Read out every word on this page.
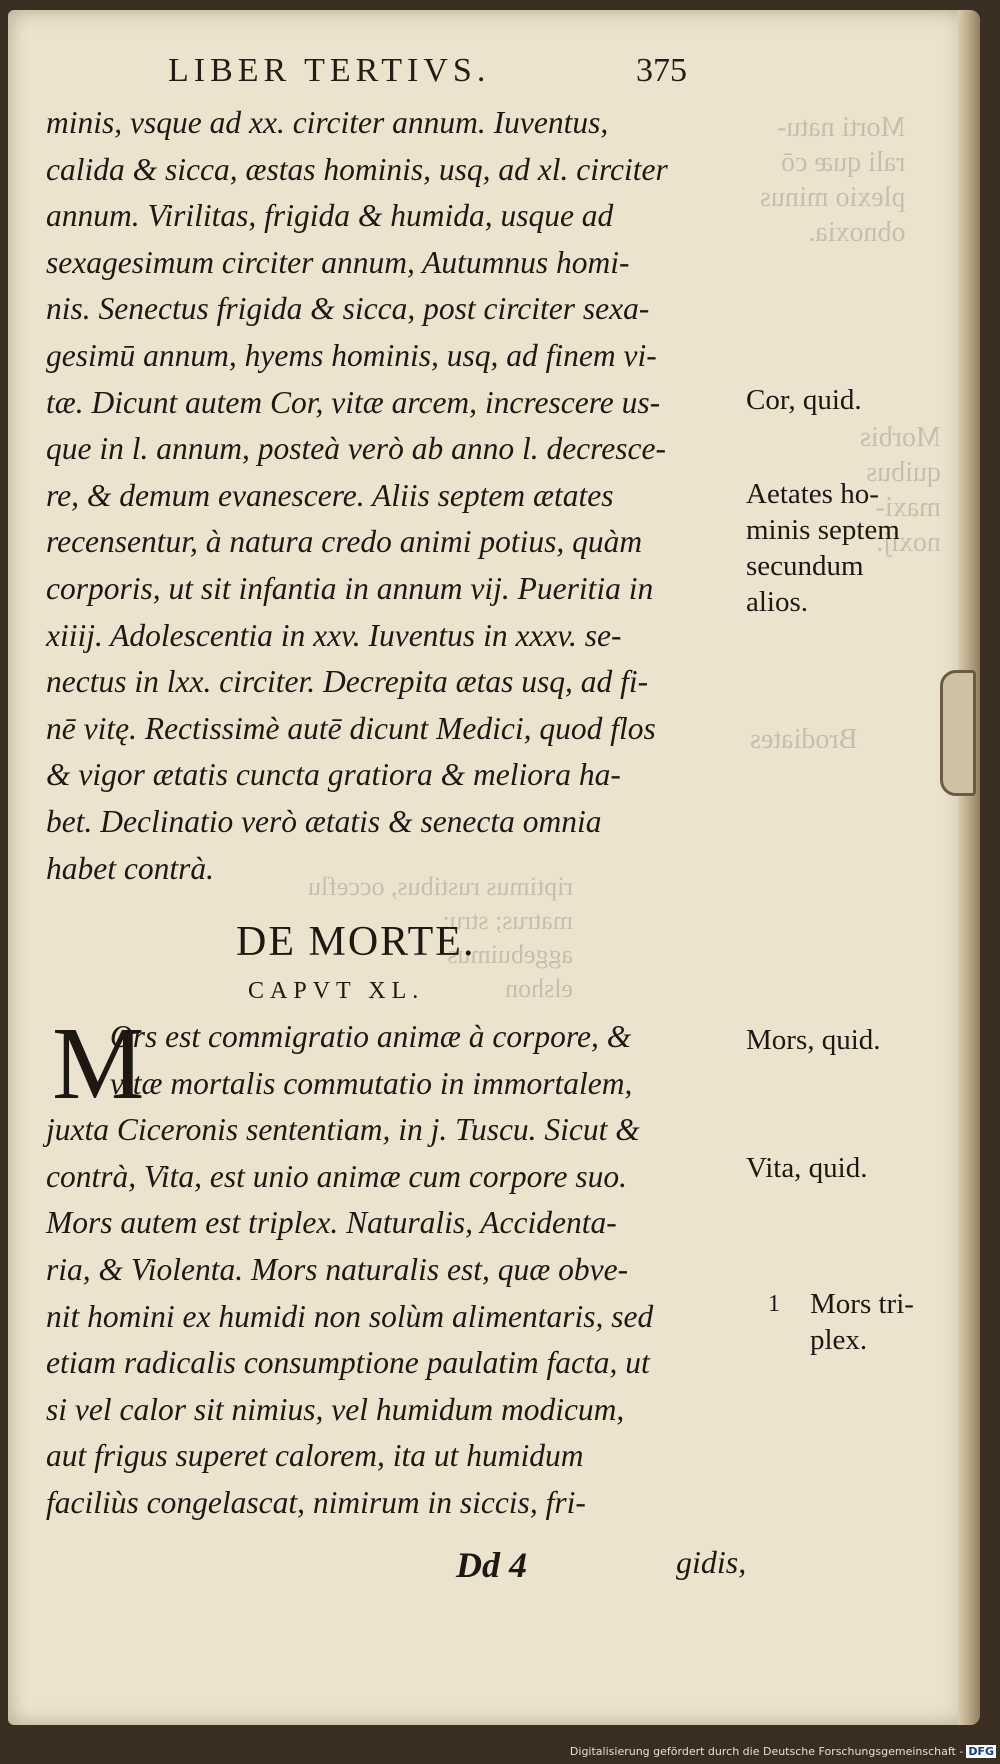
Morti natu-
rali quæ cō
plexio minus
obnoxia.
Morbis
quibus
maxi-
noxij.
Brodiates
riptimus rustibus, occeflu
matrus; stru:
aggebuimus
elshon
LIBER TERTIVS.	375
minis, vsque ad xx. circiter annum. Iuventus,
calida & sicca, æstas hominis, usq, ad xl. circiter
annum. Virilitas, frigida & humida, usque ad
sexagesimum circiter annum, Autumnus homi-
nis. Senectus frigida & sicca, post circiter sexa-
gesimū annum, hyems hominis, usq, ad finem vi-
tæ. Dicunt autem Cor, vitæ arcem, increscere us-
que in l. annum, posteà verò ab anno l. decresce-
re, & demum evanescere. Aliis septem ætates
recensentur, à natura credo animi potius, quàm
corporis, ut sit infantia in annum vij. Pueritia in
xiiij. Adolescentia in xxv. Iuventus in xxxv. se-
nectus in lxx. circiter. Decrepita ætas usq, ad fi-
nē vitę. Rectissimè autē dicunt Medici, quod flos
& vigor ætatis cuncta gratiora & meliora ha-
bet. Declinatio verò ætatis & senecta omnia
habet contrà.
Cor, quid.
Aetates ho-
minis septem
secundum
alios.
DE MORTE.
CAPVT XL.
M
Ors est commigratio animæ à corpore, &
vitæ mortalis commutatio in immortalem,
juxta Ciceronis sententiam, in j. Tuscu. Sicut &
contrà, Vita, est unio animæ cum corpore suo.
Mors autem est triplex. Naturalis, Accidenta-
ria, & Violenta. Mors naturalis est, quæ obve-
nit homini ex humidi non solùm alimentaris, sed
etiam radicalis consumptione paulatim facta, ut
si vel calor sit nimius, vel humidum modicum,
aut frigus superet calorem, ita ut humidum
faciliùs congelascat, nimirum in siccis, fri-
Mors, quid.
Vita, quid.
1 Mors tri-
plex.
Dd 4	gidis,
Digitalisierung gefördert durch die Deutsche Forschungsgemeinschaft - DFG
